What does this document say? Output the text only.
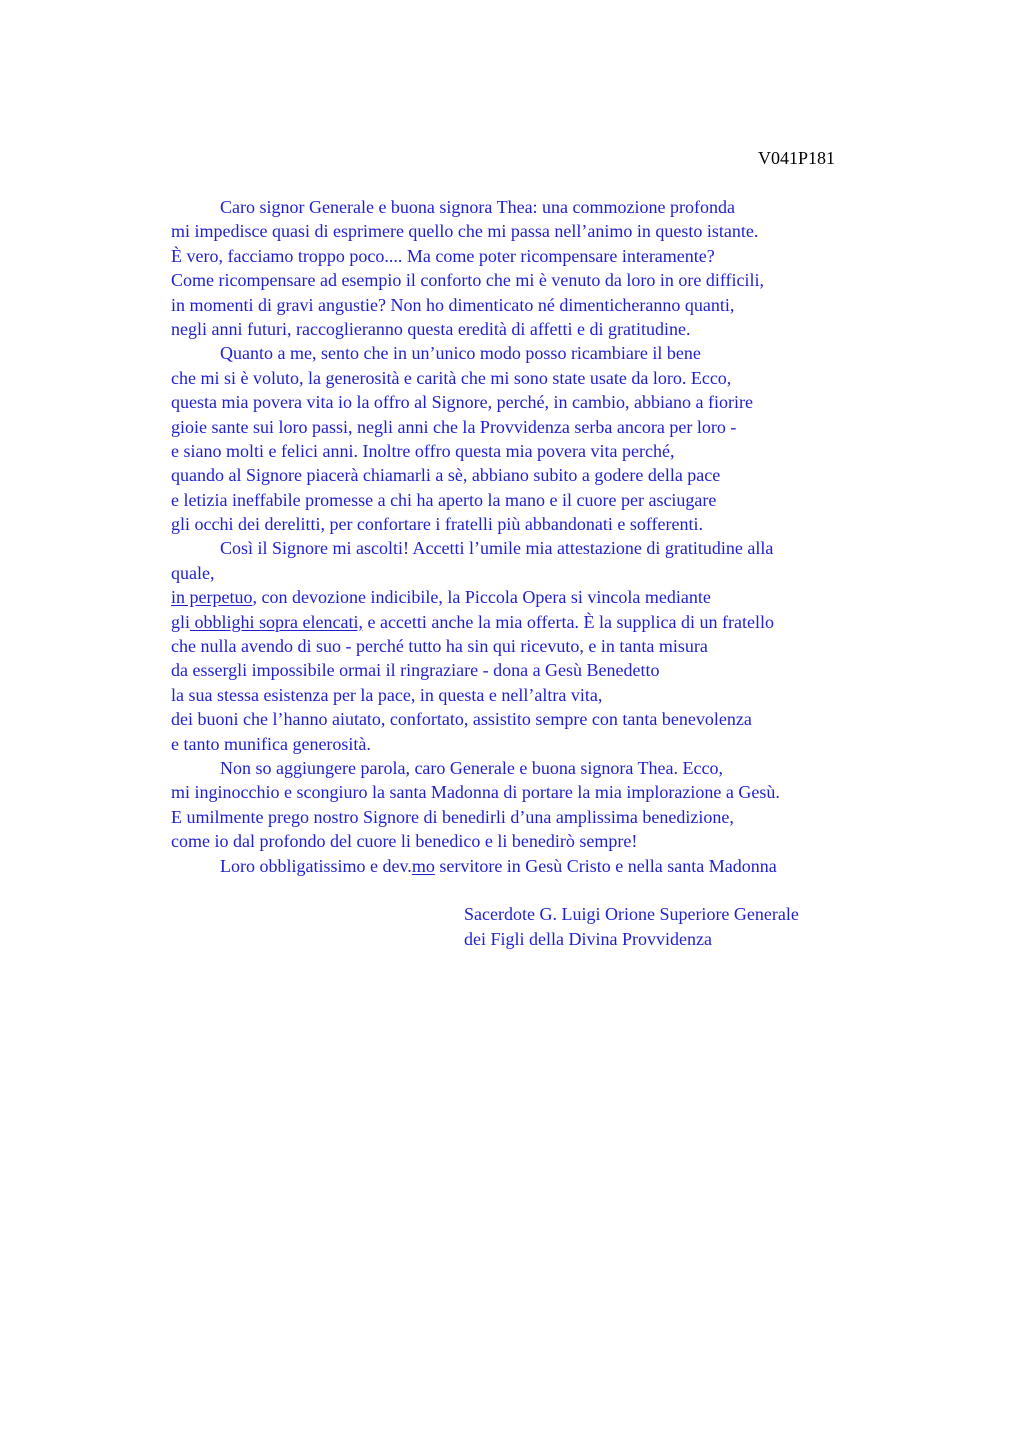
V041P181
Caro signor Generale e buona signora Thea: una commozione profonda
mi impedisce quasi di esprimere quello che mi passa nell’animo in questo istante.
È vero, facciamo troppo poco.... Ma come poter ricompensare interamente?
Come ricompensare ad esempio il conforto che mi è venuto da loro in ore difficili,
in momenti di gravi angustie? Non ho dimenticato né dimenticheranno quanti,
negli anni futuri, raccoglieranno questa eredità di affetti e di gratitudine.
Quanto a me, sento che in un’unico modo posso ricambiare il bene
che mi si è voluto, la generosità e carità che mi sono state usate da loro. Ecco,
questa mia povera vita io la offro al Signore, perché, in cambio, abbiano a fiorire
gioie sante sui loro passi, negli anni che la Provvidenza serba ancora per loro -
e siano molti e felici anni. Inoltre offro questa mia povera vita perché,
quando al Signore piacerà chiamarli a sè, abbiano subito a godere della pace
e letizia ineffabile promesse a chi ha aperto la mano e il cuore per asciugare
gli occhi dei derelitti, per confortare i fratelli più abbandonati e sofferenti.
Così il Signore mi ascolti! Accetti l’umile mia attestazione di gratitudine alla
quale,
in perpetuo, con devozione indicibile, la Piccola Opera si vincola mediante
gli obblighi sopra elencati, e accetti anche la mia offerta. È la supplica di un fratello
che nulla avendo di suo - perché tutto ha sin qui ricevuto, e in tanta misura
da essergli impossibile ormai il ringraziare - dona a Gesù Benedetto
la sua stessa esistenza per la pace, in questa e nell’altra vita,
dei buoni che l’hanno aiutato, confortato, assistito sempre con tanta benevolenza
e tanto munifica generosità.
Non so aggiungere parola, caro Generale e buona signora Thea. Ecco,
mi inginocchio e scongiuro la santa Madonna di portare la mia implorazione a Gesù.
E umilmente prego nostro Signore di benedirli d’una amplissima benedizione,
come io dal profondo del cuore li benedico e li benedirò sempre!
Loro obbligatissimo e dev.mo servitore in Gesù Cristo e nella santa Madonna
Sacerdote G. Luigi Orione Superiore Generale
dei Figli della Divina Provvidenza
